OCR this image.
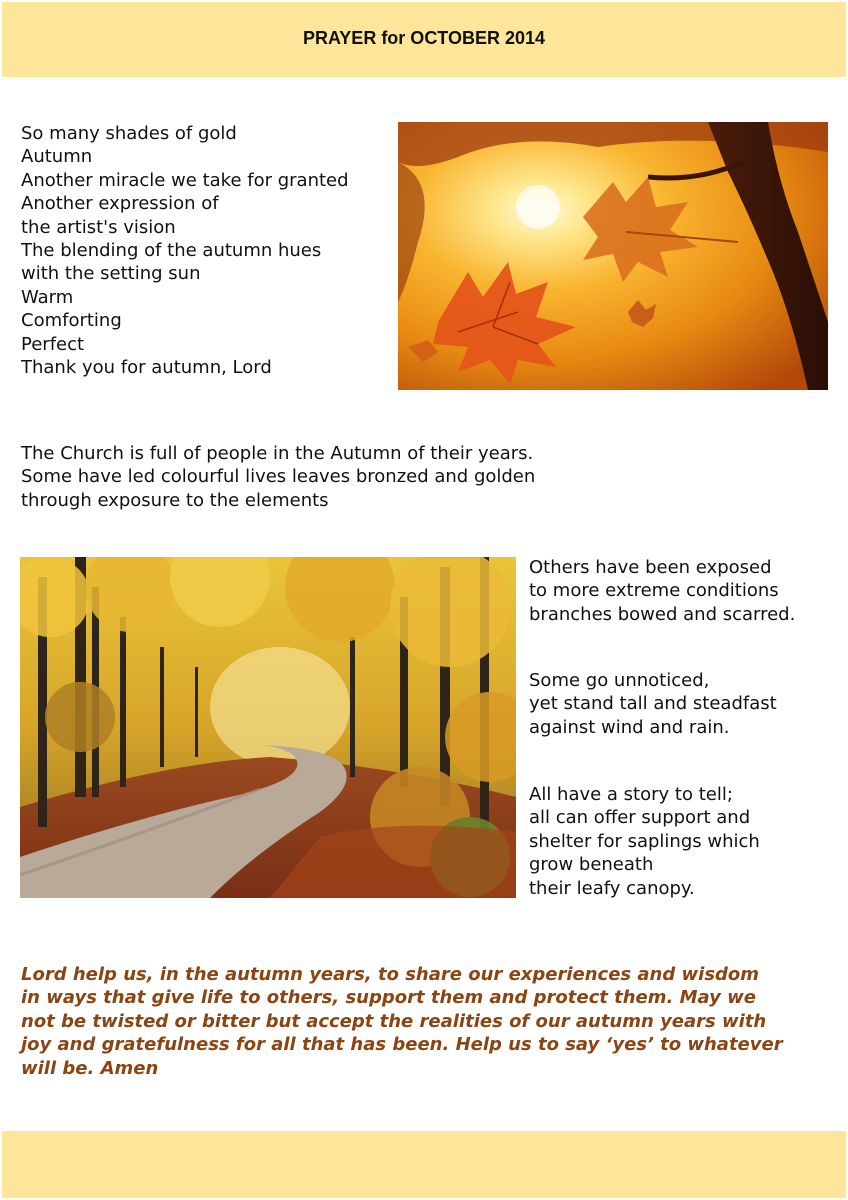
PRAYER for OCTOBER 2014
So many shades of gold
Autumn
Another miracle we take for granted
Another expression of
the artist's vision
The blending of the autumn hues
with the setting sun
Warm
Comforting
Perfect
Thank you for autumn, Lord
The Church is full of people in the Autumn of their years.
Some have led colourful lives leaves bronzed and golden
through exposure to the elements
Others have been exposed
to more extreme conditions
branches bowed and scarred.
Some go unnoticed,
yet stand tall and steadfast
against wind and rain.
All have a story to tell;
all can offer support and
shelter for saplings which
grow beneath
their leafy canopy.
Lord help us, in the autumn years, to share our experiences and wisdom
in ways that give life to others, support them and protect them. May we
not be twisted or bitter but accept the realities of our autumn years with
joy and gratefulness for all that has been. Help us to say ‘yes’ to whatever
will be. Amen
